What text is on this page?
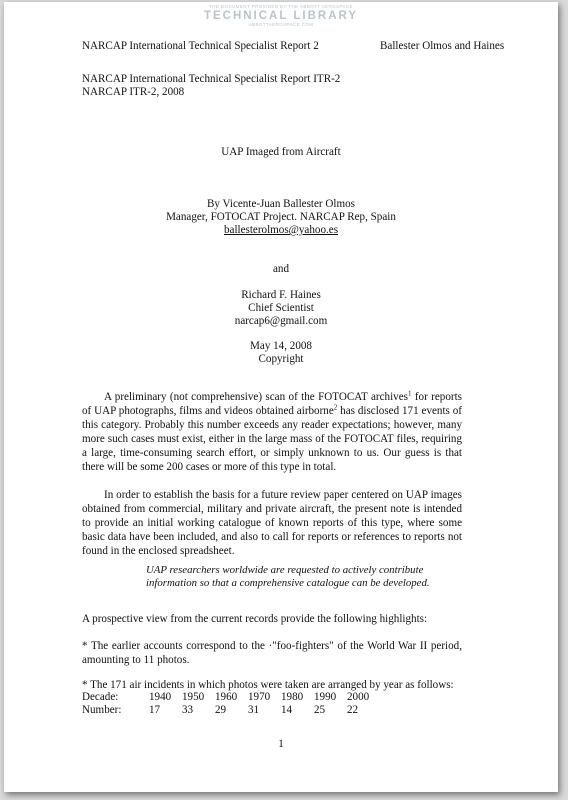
THE DOCUMENT PROVIDED BY THE ABBOTT AEROSPACE
TECHNICAL LIBRARY
ABBOTTAEROSPACE.COM
NARCAP International Technical Specialist Report 2	Ballester Olmos and Haines
NARCAP International Technical Specialist Report ITR-2
NARCAP ITR-2, 2008
UAP Imaged from Aircraft
By Vicente-Juan Ballester Olmos
Manager, FOTOCAT Project. NARCAP Rep, Spain
ballesterolmos@yahoo.es
and
Richard F. Haines
Chief Scientist
narcap6@gmail.com
May 14, 2008
Copyright
A preliminary (not comprehensive) scan of the FOTOCAT archives$^1$ for reports of UAP photographs, films and videos obtained airborne$^2$ has disclosed 171 events of this category. Probably this number exceeds any reader expectations; however, many more such cases must exist, either in the large mass of the FOTOCAT files, requiring a large, time-consuming search effort, or simply unknown to us. Our guess is that there will be some 200 cases or more of this type in total.
In order to establish the basis for a future review paper centered on UAP images obtained from commercial, military and private aircraft, the present note is intended to provide an initial working catalogue of known reports of this type, where some basic data have been included, and also to call for reports or references to reports not found in the enclosed spreadsheet.
UAP researchers worldwide are requested to actively contribute information so that a comprehensive catalogue can be developed.
A prospective view from the current records provide the following highlights:
* The earlier accounts correspond to the ·"foo-fighters" of the World War II period, amounting to 11 photos.
* The 171 air incidents in which photos were taken are arranged by year as follows:
Decade:	1940 1950 1960 1970 1980 1990 2000
Number:	17	33	29	31	14	25	22
1
